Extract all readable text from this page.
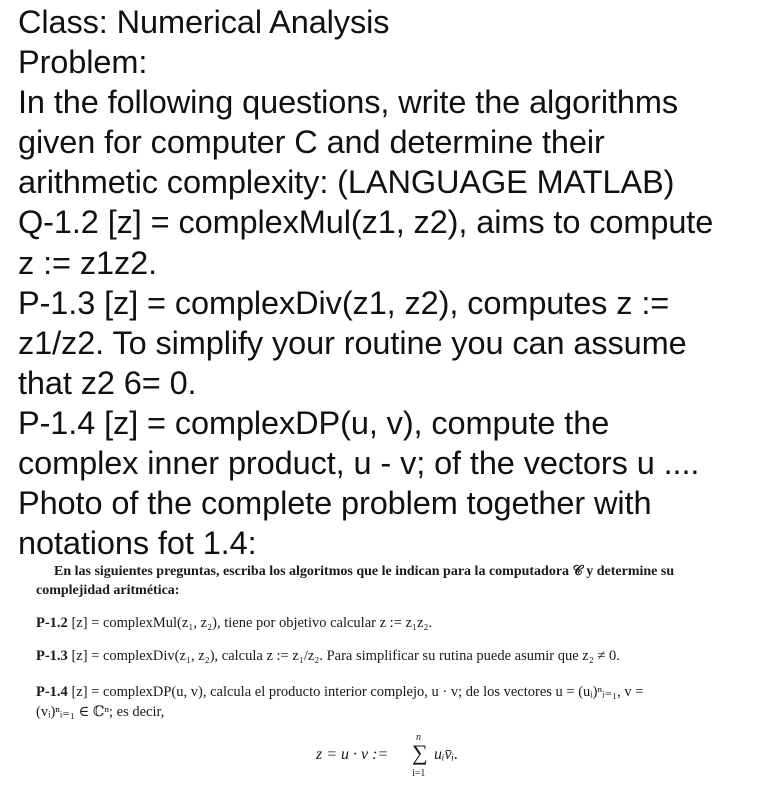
Class: Numerical Analysis
Problem:
In the following questions, write the algorithms
given for computer C and determine their
arithmetic complexity: (LANGUAGE MATLAB)
Q-1.2 [z] = complexMul(z1, z2), aims to compute
z := z1z2.
P-1.3 [z] = complexDiv(z1, z2), computes z :=
z1/z2. To simplify your routine you can assume
that z2 6= 0.
P-1.4 [z] = complexDP(u, v), compute the
complex inner product, u - v; of the vectors u ....
Photo of the complete problem together with
notations fot 1.4:
En las siguientes preguntas, escriba los algoritmos que le indican para la computadora 𝒞 y determine su
complejidad aritmética:
P-1.2 [z] = complexMul(z₁, z₂), tiene por objetivo calcular z := z₁z₂.
P-1.3 [z] = complexDiv(z₁, z₂), calcula z := z₁/z₂. Para simplificar su rutina puede asumir que z₂ ≠ 0.
P-1.4 [z] = complexDP(u, v), calcula el producto interior complejo, u · v; de los vectores u = (uᵢ)ⁿᵢ₌₁, v =
(vᵢ)ⁿᵢ₌₁ ∈ ℂⁿ; es decir,
z = u · v :=
n
∑
i=1
uᵢv̄ᵢ.
